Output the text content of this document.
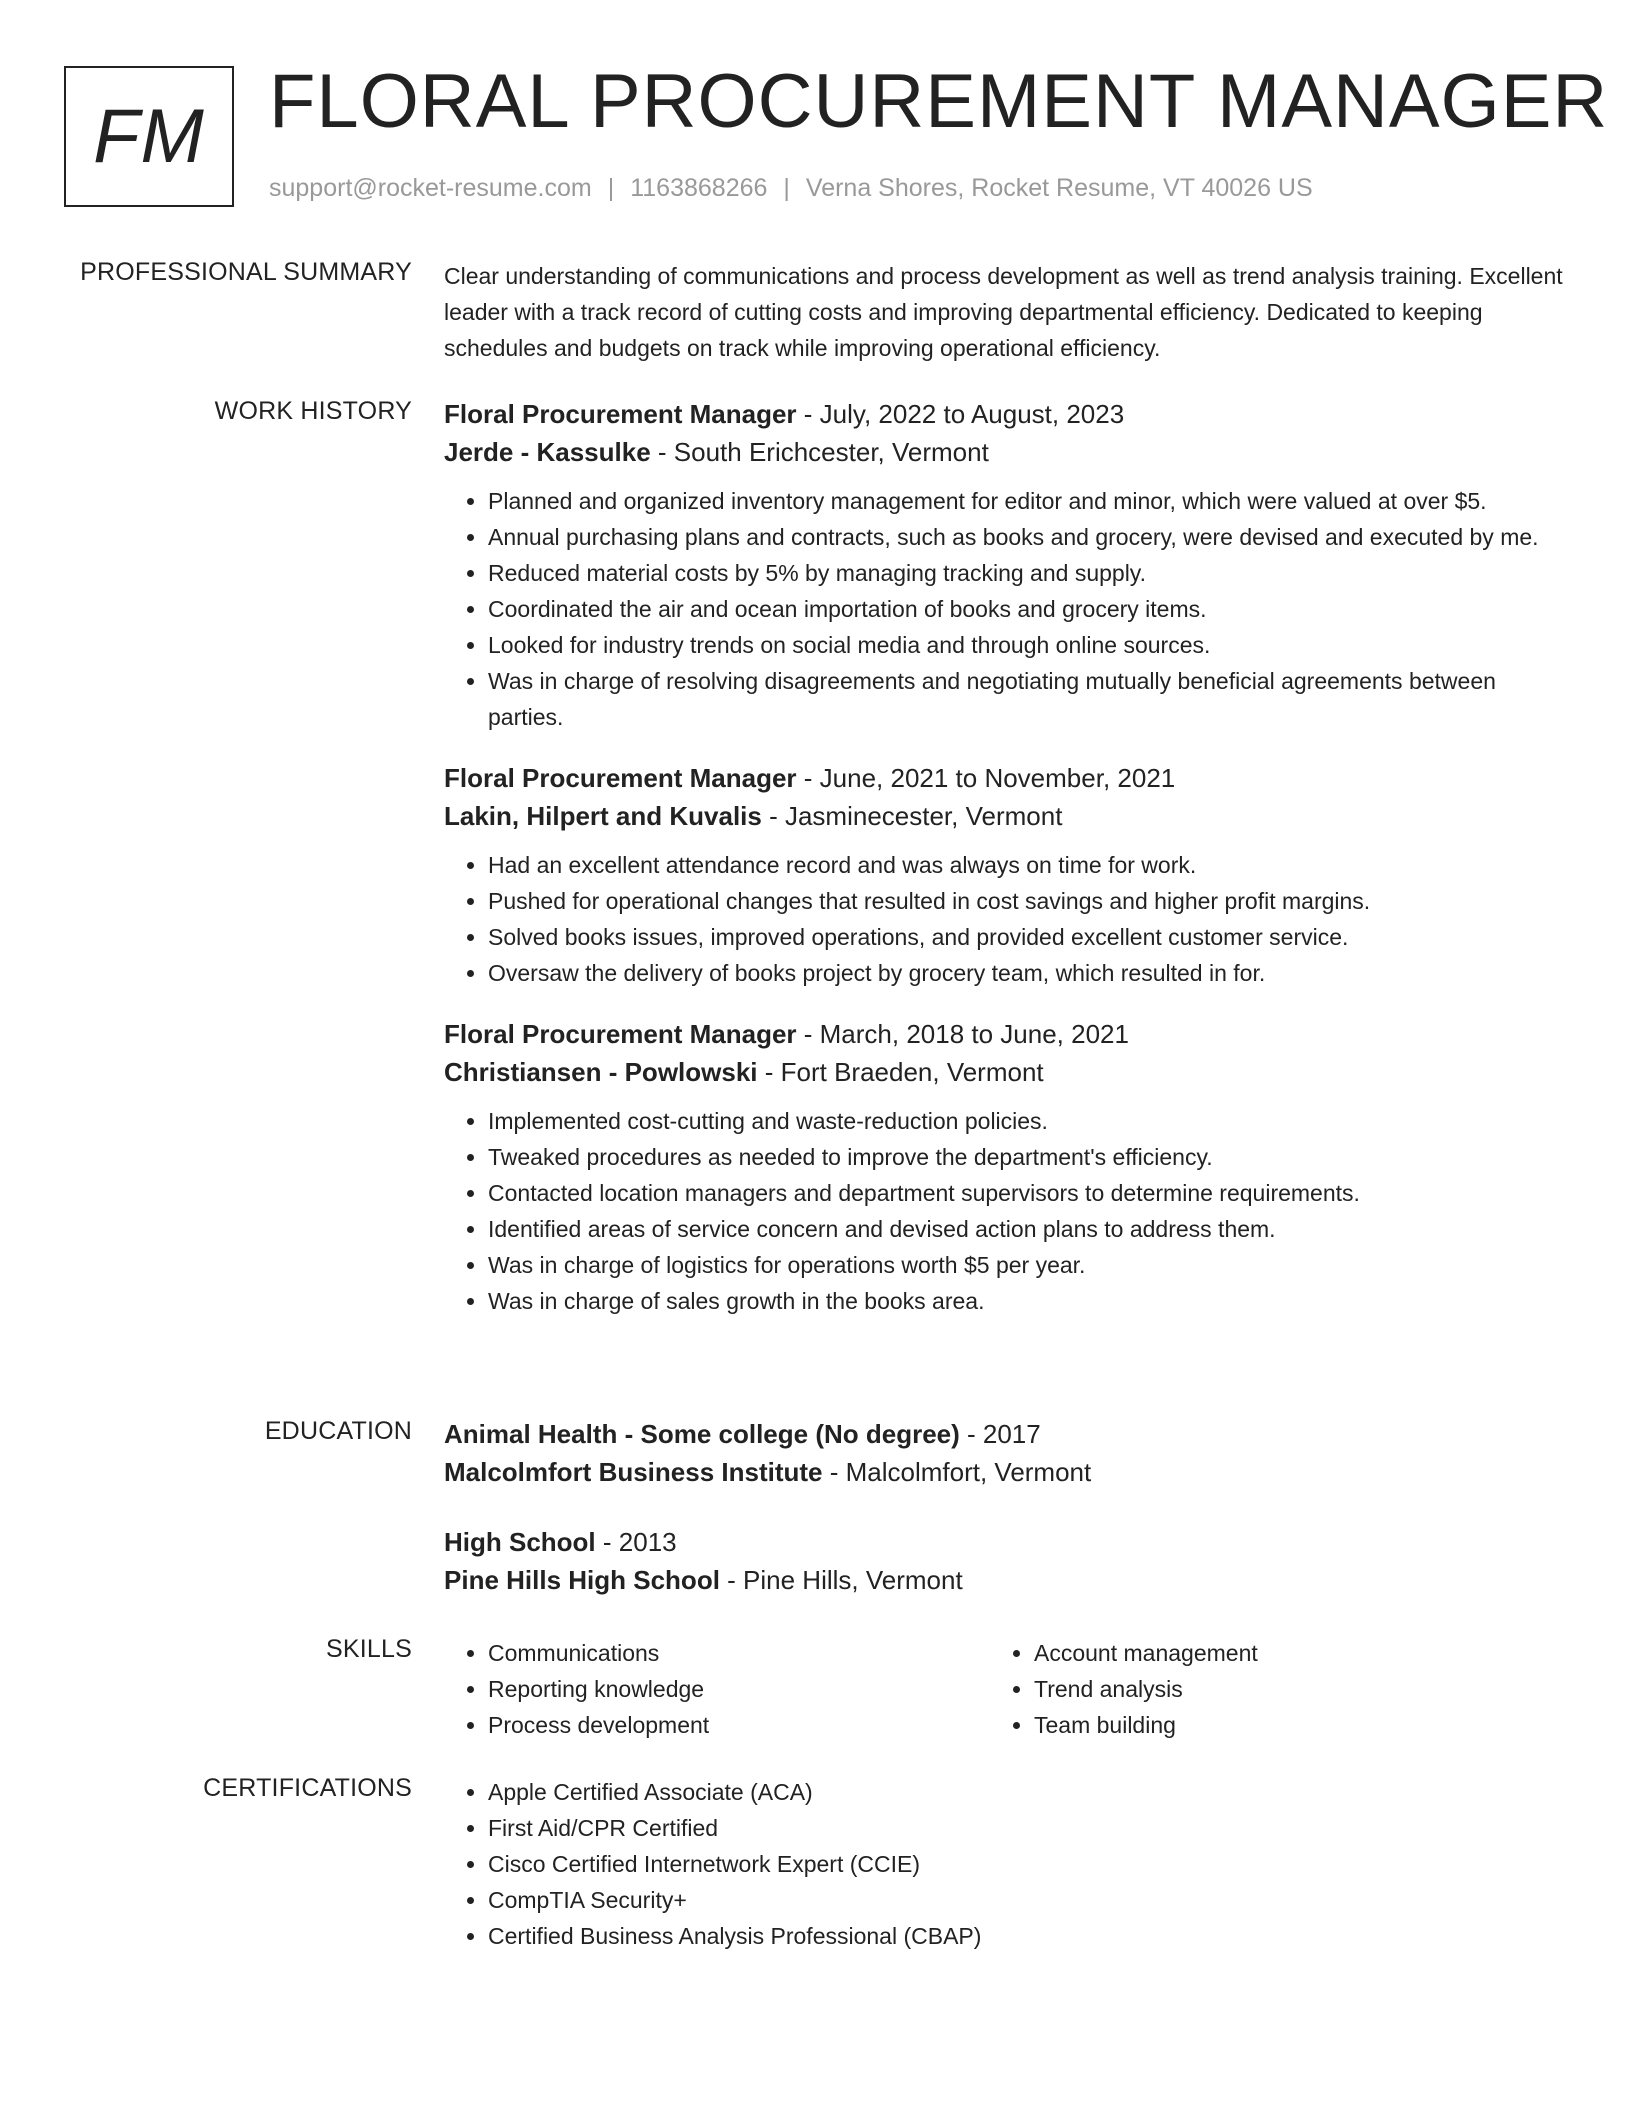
FM FLORAL PROCUREMENT MANAGER
support@rocket-resume.com | 1163868266 | Verna Shores, Rocket Resume, VT 40026 US
PROFESSIONAL SUMMARY Clear understanding of communications and process development as well as trend analysis training. Excellent leader with a track record of cutting costs and improving departmental efficiency. Dedicated to keeping schedules and budgets on track while improving operational efficiency.

WORK HISTORY Floral Procurement Manager - July, 2022 to August, 2023
Jerde - Kassulke - South Erichcester, Vermont
• Planned and organized inventory management for editor and minor, which were valued at over $5.
• Annual purchasing plans and contracts, such as books and grocery, were devised and executed by me.
• Reduced material costs by 5% by managing tracking and supply.
• Coordinated the air and ocean importation of books and grocery items.
• Looked for industry trends on social media and through online sources.
• Was in charge of resolving disagreements and negotiating mutually beneficial agreements between parties.
Floral Procurement Manager - June, 2021 to November, 2021
Lakin, Hilpert and Kuvalis - Jasminecester, Vermont
• Had an excellent attendance record and was always on time for work.
• Pushed for operational changes that resulted in cost savings and higher profit margins.
• Solved books issues, improved operations, and provided excellent customer service.
• Oversaw the delivery of books project by grocery team, which resulted in for.
Floral Procurement Manager - March, 2018 to June, 2021
Christiansen - Powlowski - Fort Braeden, Vermont
• Implemented cost-cutting and waste-reduction policies.
• Tweaked procedures as needed to improve the department's efficiency.
• Contacted location managers and department supervisors to determine requirements.
• Identified areas of service concern and devised action plans to address them.
• Was in charge of logistics for operations worth $5 per year.
• Was in charge of sales growth in the books area.
EDUCATION Animal Health - Some college (No degree) - 2017
Malcolmfort Business Institute - Malcolmfort, Vermont
High School - 2013
Pine Hills High School - Pine Hills, Vermont
SKILLS	• Communications
• Reporting knowledge
• Process development
• Account management
• Trend analysis
• Team building
CERTIFICATIONS	• Apple Certified Associate (ACA)
• First Aid/CPR Certified
• Cisco Certified Internetwork Expert (CCIE)
• CompTIA Security+
• Certified Business Analysis Professional (CBAP)
